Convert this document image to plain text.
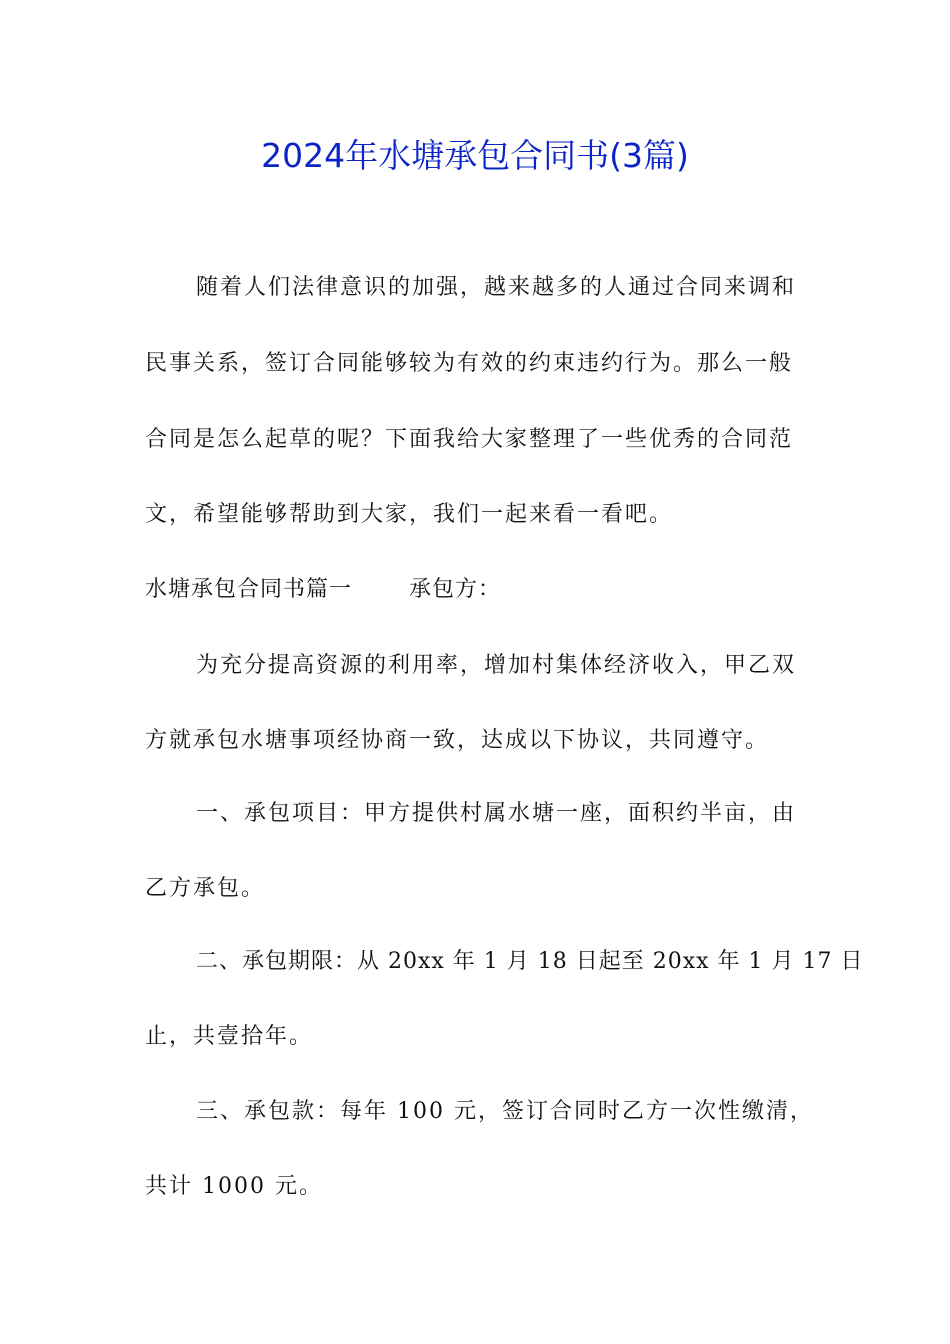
2024年水塘承包合同书(3篇)
随着人们法律意识的加强，越来越多的人通过合同来调和
民事关系，签订合同能够较为有效的约束违约行为。那么一般
合同是怎么起草的呢？下面我给大家整理了一些优秀的合同范
文，希望能够帮助到大家，我们一起来看一看吧。
水塘承包合同书篇一	承包方：
为充分提高资源的利用率，增加村集体经济收入，甲乙双
方就承包水塘事项经协商一致，达成以下协议，共同遵守。
一、承包项目：甲方提供村属水塘一座，面积约半亩，由
乙方承包。
二、承包期限：从 20xx 年 1 月 18 日起至 20xx 年 1 月 17 日
止，共壹拾年。
三、承包款：每年 100 元，签订合同时乙方一次性缴清，
共计 1000 元。
